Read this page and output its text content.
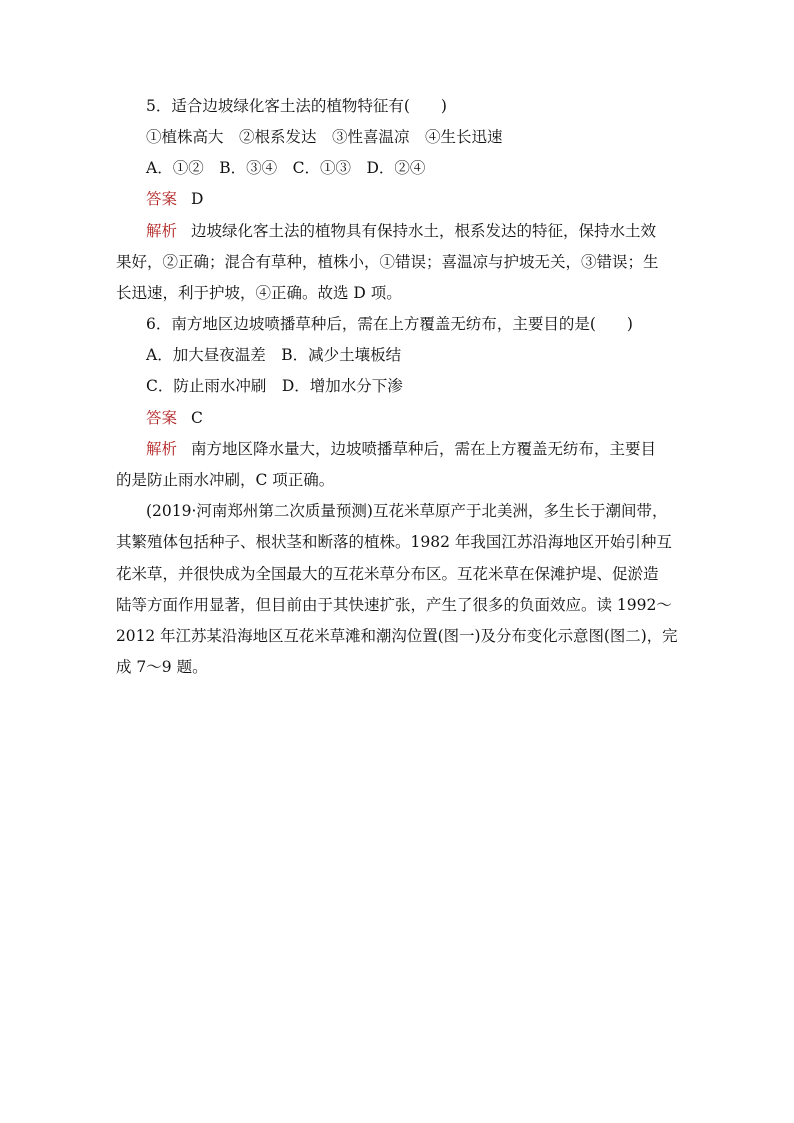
5．适合边坡绿化客土法的植物特征有(　　)
①植株高大　②根系发达　③性喜温凉　④生长迅速
A．①②　B．③④　C．①③　D．②④
答案 D
解析 边坡绿化客土法的植物具有保持水土，根系发达的特征，保持水土效
果好，②正确；混合有草种，植株小，①错误；喜温凉与护坡无关，③错误；生
长迅速，利于护坡，④正确。故选 D 项。
6．南方地区边坡喷播草种后，需在上方覆盖无纺布，主要目的是(　　)
A．加大昼夜温差　B．减少土壤板结
C．防止雨水冲刷　D．增加水分下渗
答案 C
解析 南方地区降水量大，边坡喷播草种后，需在上方覆盖无纺布，主要目
的是防止雨水冲刷，C 项正确。
(2019·河南郑州第二次质量预测)互花米草原产于北美洲，多生长于潮间带，
其繁殖体包括种子、根状茎和断落的植株。1982 年我国江苏沿海地区开始引种互
花米草，并很快成为全国最大的互花米草分布区。互花米草在保滩护堤、促淤造
陆等方面作用显著，但目前由于其快速扩张，产生了很多的负面效应。读 1992～
2012 年江苏某沿海地区互花米草滩和潮沟位置(图一)及分布变化示意图(图二)，完
成 7～9 题。
